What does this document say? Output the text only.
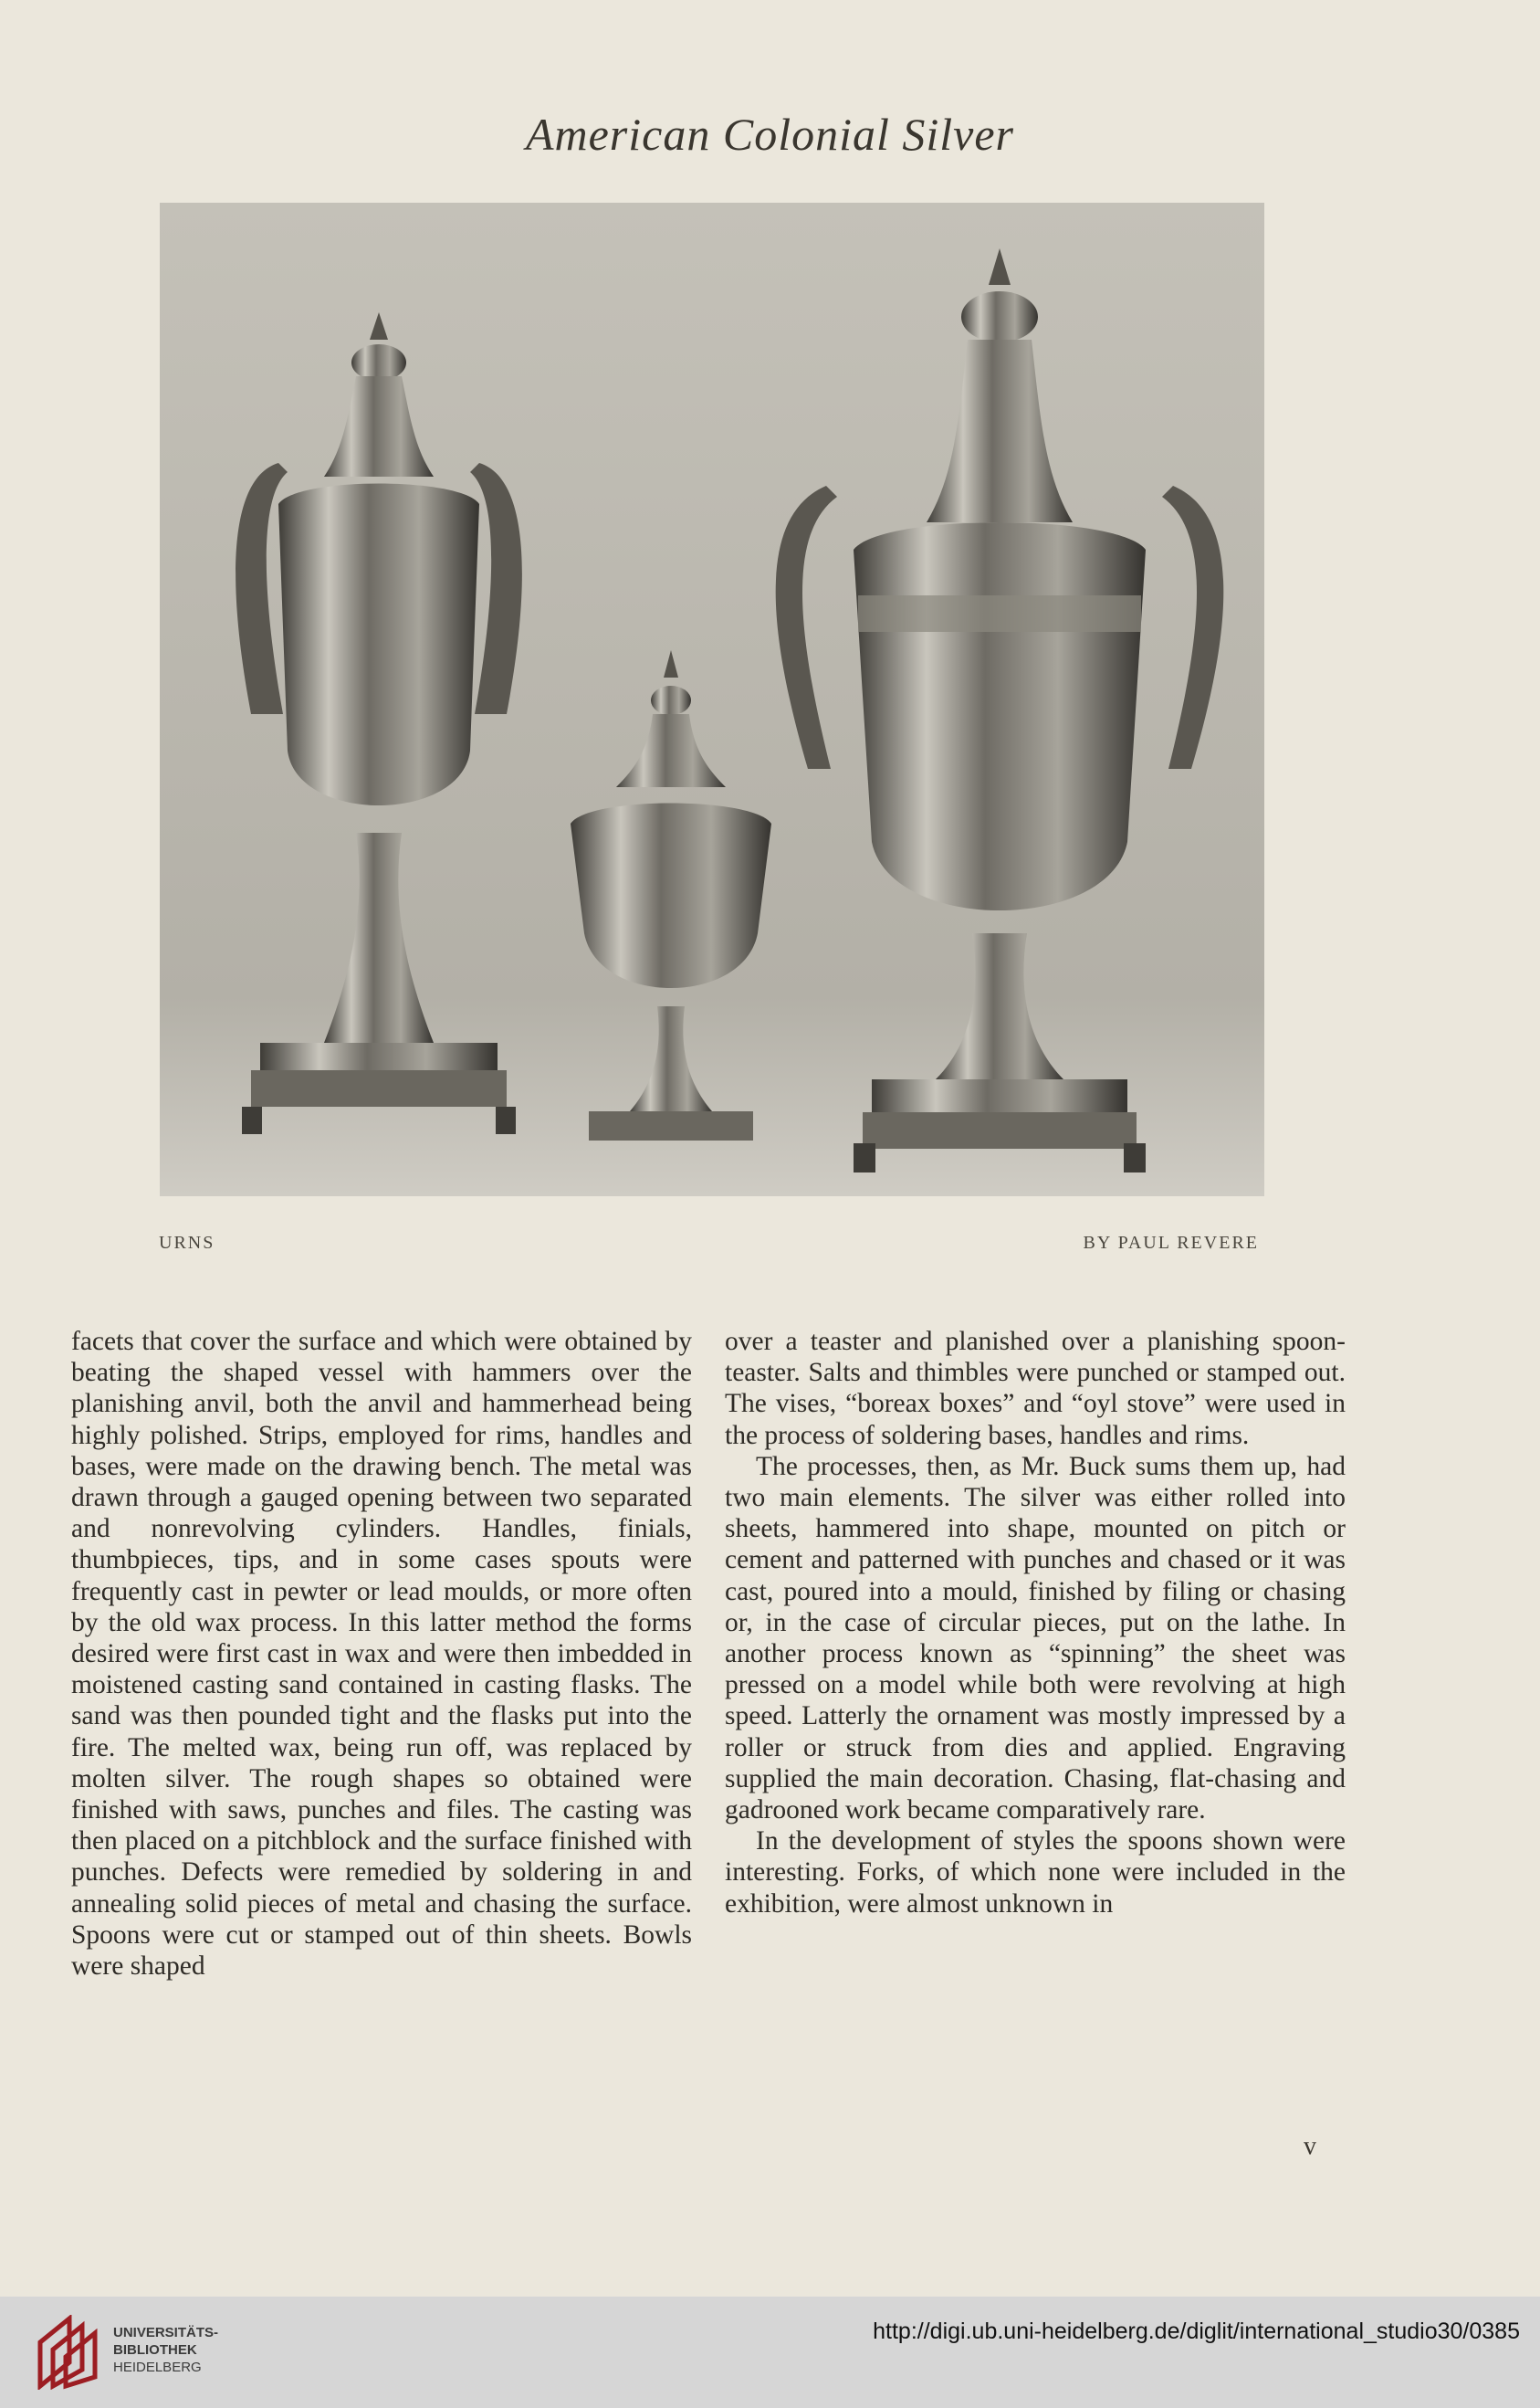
American Colonial Silver
URNS	BY PAUL REVERE

facets that cover the surface and which were obtained by beating the shaped vessel with hammers over the planishing anvil, both the anvil and hammerhead being highly polished. Strips, employed for rims, handles and bases, were made on the drawing bench. The metal was drawn through a gauged opening between two separated and nonrevolving cylinders. Handles, finials, thumbpieces, tips, and in some cases spouts were frequently cast in pewter or lead moulds, or more often by the old wax process. In this latter method the forms desired were first cast in wax and were then imbedded in moistened casting sand contained in casting flasks. The sand was then pounded tight and the flasks put into the fire. The melted wax, being run off, was replaced by molten silver. The rough shapes so obtained were finished with saws, punches and files. The casting was then placed on a pitchblock and the surface finished with punches. Defects were remedied by soldering in and annealing solid pieces of metal and chasing the surface. Spoons were cut or stamped out of thin sheets. Bowls were shaped

over a teaster and planished over a planishing spoon-teaster. Salts and thimbles were punched or stamped out. The vises, “boreax boxes” and “oyl stove” were used in the process of soldering bases, handles and rims.

The processes, then, as Mr. Buck sums them up, had two main elements. The silver was either rolled into sheets, hammered into shape, mounted on pitch or cement and patterned with punches and chased or it was cast, poured into a mould, finished by filing or chasing or, in the case of circular pieces, put on the lathe. In another process known as “spinning” the sheet was pressed on a model while both were revolving at high speed. Latterly the ornament was mostly impressed by a roller or struck from dies and applied. Engraving supplied the main decoration. Chasing, flat-chasing and gadrooned work became comparatively rare.

In the development of styles the spoons shown were interesting. Forks, of which none were included in the exhibition, were almost unknown in

v
UNIVERSITÄTS-
BIBLIOTHEK
HEIDELBERG
http://digi.ub.uni-heidelberg.de/diglit/international_studio30/0385
